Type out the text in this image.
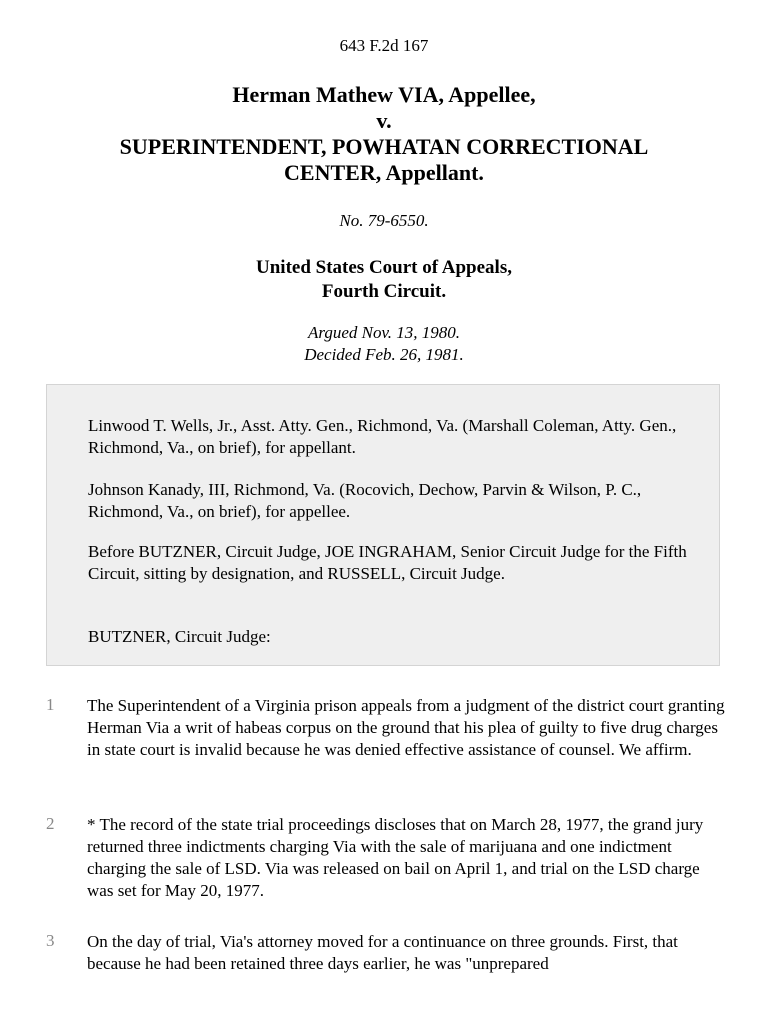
643 F.2d 167
Herman Mathew VIA, Appellee,
v.
SUPERINTENDENT, POWHATAN CORRECTIONAL
CENTER, Appellant.
No. 79-6550.
United States Court of Appeals,
Fourth Circuit.
Argued Nov. 13, 1980.
Decided Feb. 26, 1981.

Linwood T. Wells, Jr., Asst. Atty. Gen., Richmond, Va. (Marshall Coleman, Atty. Gen., Richmond, Va., on brief), for appellant.

Johnson Kanady, III, Richmond, Va. (Rocovich, Dechow, Parvin & Wilson, P. C., Richmond, Va., on brief), for appellee.

Before BUTZNER, Circuit Judge, JOE INGRAHAM, Senior Circuit Judge for the Fifth Circuit, sitting by designation, and RUSSELL, Circuit Judge.

BUTZNER, Circuit Judge:

1 The Superintendent of a Virginia prison appeals from a judgment of the district court granting Herman Via a writ of habeas corpus on the ground that his plea of guilty to five drug charges in state court is invalid because he was denied effective assistance of counsel. We affirm.

2 * The record of the state trial proceedings discloses that on March 28, 1977, the grand jury returned three indictments charging Via with the sale of marijuana and one indictment charging the sale of LSD. Via was released on bail on April 1, and trial on the LSD charge was set for May 20, 1977.

3 On the day of trial, Via's attorney moved for a continuance on three grounds. First, that because he had been retained three days earlier, he was "unprepared
